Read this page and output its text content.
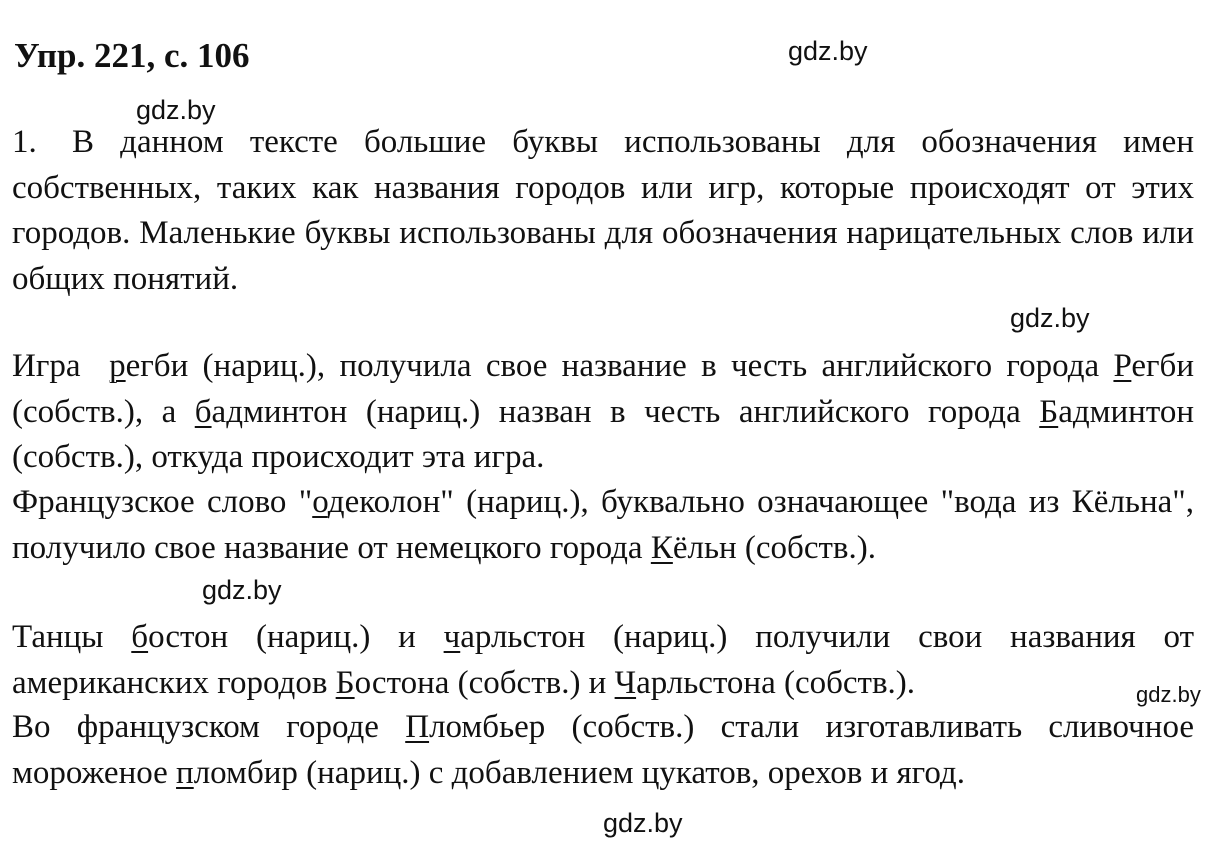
Упр. 221, с. 106	gdz.by
gdz.by
gdz.by
gdz.by
gdz.by
gdz.by
1. В данном тексте большие буквы использованы для обозначения имен собственных, таких как названия городов или игр, которые происходят от этих городов. Маленькие буквы использованы для обозначения нарицательных слов или общих понятий.
Игра  регби (нариц.), получила свое название в честь английского города Регби (собств.), а бадминтон (нариц.) назван в честь английского города Бадминтон (собств.), откуда происходит эта игра.
Французское слово "одеколон" (нариц.), буквально означающее "вода из Кёльна", получило свое название от немецкого города Кёльн (собств.).
Танцы бостон (нариц.) и чарльстон (нариц.) получили свои названия от американских городов Бостона (собств.) и Чарльстона (собств.).
Во французском городе Пломбьер (собств.) стали изготавливать сливочное мороженое пломбир (нариц.) с добавлением цукатов, орехов и ягод.
